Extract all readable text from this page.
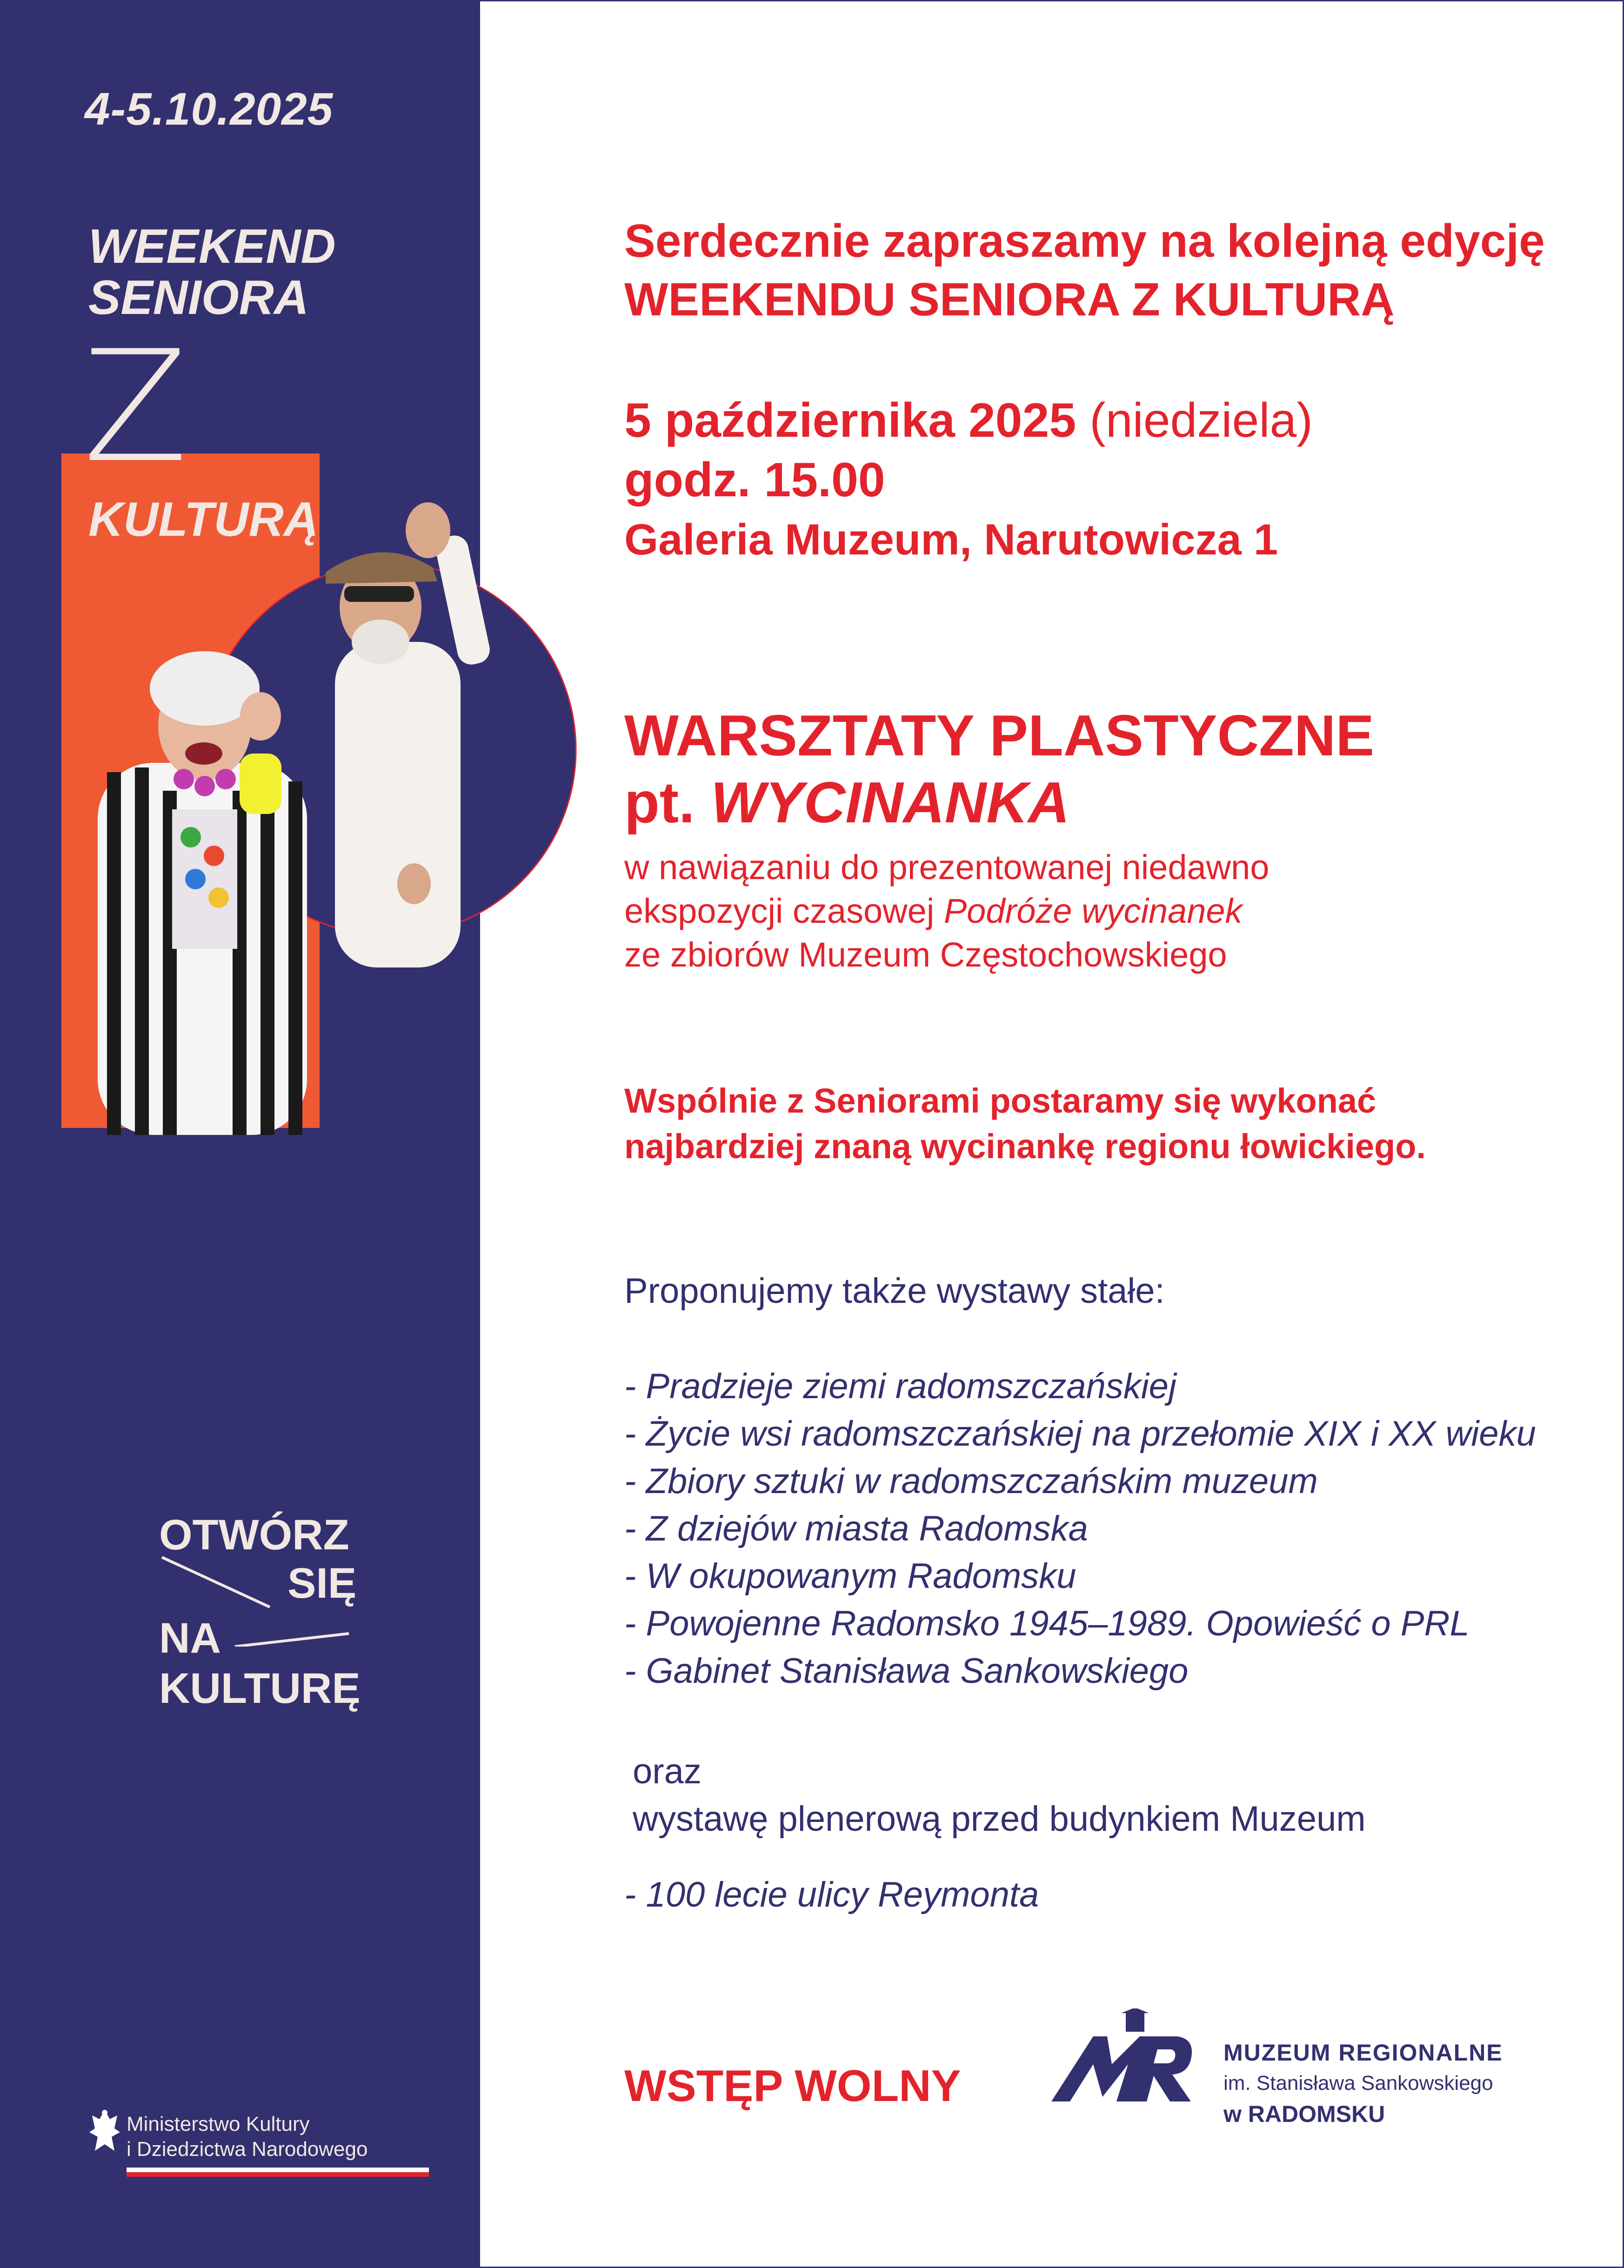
4-5.10.2025
WEEKEND
SENIORA
Z
KULTURĄ
OTWÓRZ
SIĘ
NA
KULTURĘ
Ministerstwo Kultury
i Dziedzictwa Narodowego
Serdecznie zapraszamy na kolejną edycję
WEEKENDU SENIORA Z KULTURĄ
5 października 2025 (niedziela)
godz. 15.00
Galeria Muzeum, Narutowicza 1
WARSZTATY PLASTYCZNE
pt. WYCINANKA
w nawiązaniu do prezentowanej niedawno
ekspozycji czasowej Podróże wycinanek
ze zbiorów Muzeum Częstochowskiego
Wspólnie z Seniorami postaramy się wykonać
najbardziej znaną wycinankę regionu łowickiego.
Proponujemy także wystawy stałe:
- Pradzieje ziemi radomszczańskiej
- Życie wsi radomszczańskiej na przełomie XIX i XX wieku
- Zbiory sztuki w radomszczańskim muzeum
- Z dziejów miasta Radomska
- W okupowanym Radomsku
- Powojenne Radomsko 1945–1989. Opowieść o PRL
- Gabinet Stanisława Sankowskiego
oraz
wystawę plenerową przed budynkiem Muzeum
- 100 lecie ulicy Reymonta
WSTĘP WOLNY
MUZEUM REGIONALNE
im. Stanisława Sankowskiego
w RADOMSKU
